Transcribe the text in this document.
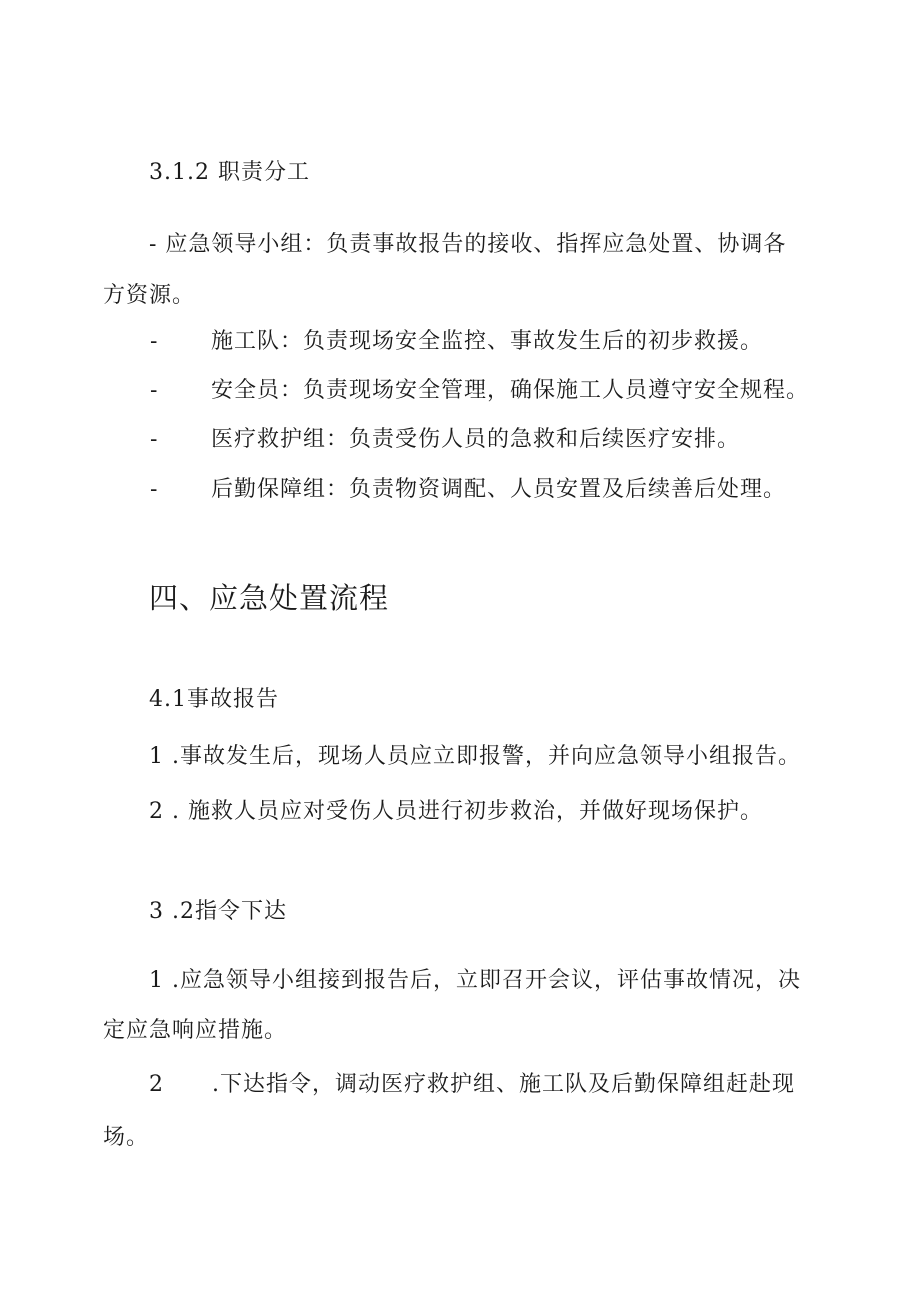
3.1.2 职责分工
- 应急领导小组：负责事故报告的接收、指挥应急处置、协调各
方资源。
- 施工队：负责现场安全监控、事故发生后的初步救援。
- 安全员：负责现场安全管理，确保施工人员遵守安全规程。
- 医疗救护组：负责受伤人员的急救和后续医疗安排。
- 后勤保障组：负责物资调配、人员安置及后续善后处理。
四、应急处置流程
4.1事故报告
1 .事故发生后，现场人员应立即报警，并向应急领导小组报告。
2 . 施救人员应对受伤人员进行初步救治，并做好现场保护。
3 .2指令下达
1 .应急领导小组接到报告后，立即召开会议，评估事故情况，决
定应急响应措施。
2 .下达指令，调动医疗救护组、施工队及后勤保障组赶赴现
场。
